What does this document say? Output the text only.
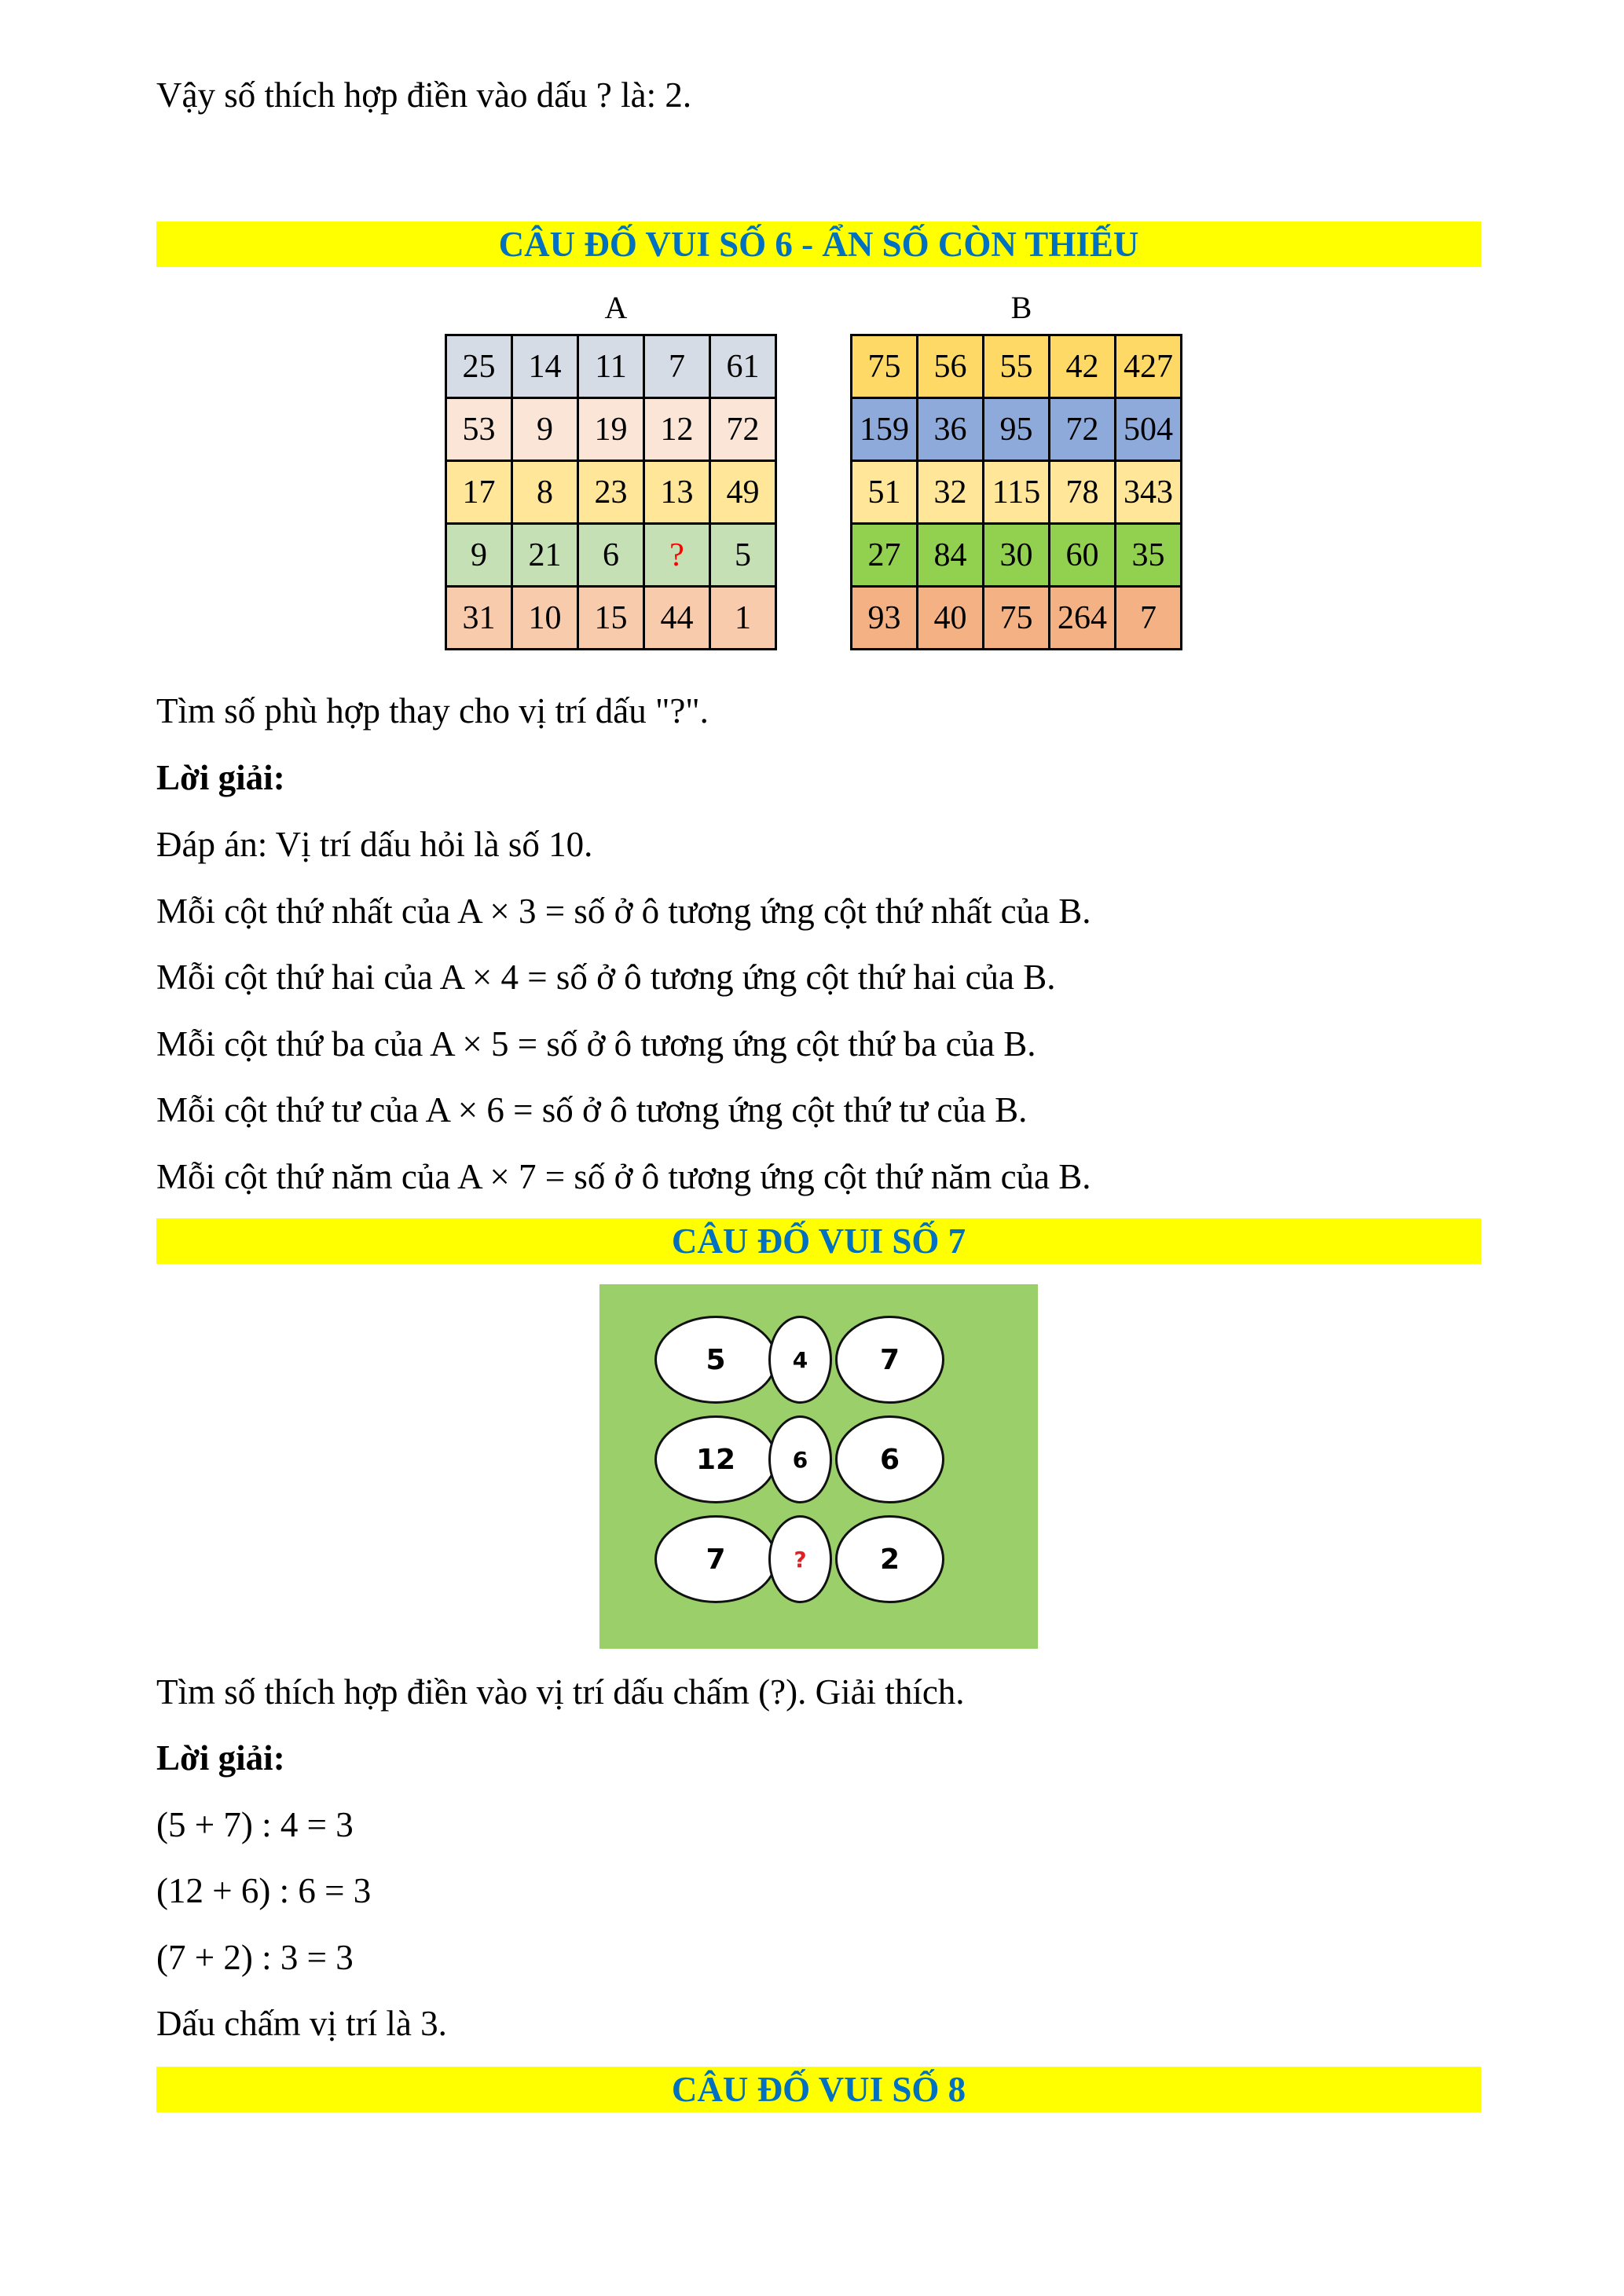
Vậy số thích hợp điền vào dấu ? là: 2.
CÂU ĐỐ VUI SỐ 6 - ẨN SỐ CÒN THIẾU
A	B
25	14	11	7	61
53	9	19	12	72
17	8	23	13	49
9	21	6	?	5
31	10	15	44	1
75	56	55	42	427
159	36	95	72	504
51	32	115	78	343
27	84	30	60	35
93	40	75	264	7
Tìm số phù hợp thay cho vị trí dấu "?".
Lời giải:
Đáp án: Vị trí dấu hỏi là số 10.
Mỗi cột thứ nhất của A × 3 = số ở ô tương ứng cột thứ nhất của B.
Mỗi cột thứ hai của A × 4 = số ở ô tương ứng cột thứ hai của B.
Mỗi cột thứ ba của A × 5 = số ở ô tương ứng cột thứ ba của B.
Mỗi cột thứ tư của A × 6 = số ở ô tương ứng cột thứ tư của B.
Mỗi cột thứ năm của A × 7 = số ở ô tương ứng cột thứ năm của B.
CÂU ĐỐ VUI SỐ 7
5	4	7
12	6	6
7	?	2
Tìm số thích hợp điền vào vị trí dấu chấm (?). Giải thích.
Lời giải:
(5 + 7) : 4 = 3
(12 + 6) : 6 = 3
(7 + 2) : 3 = 3
Dấu chấm vị trí là 3.
CÂU ĐỐ VUI SỐ 8
